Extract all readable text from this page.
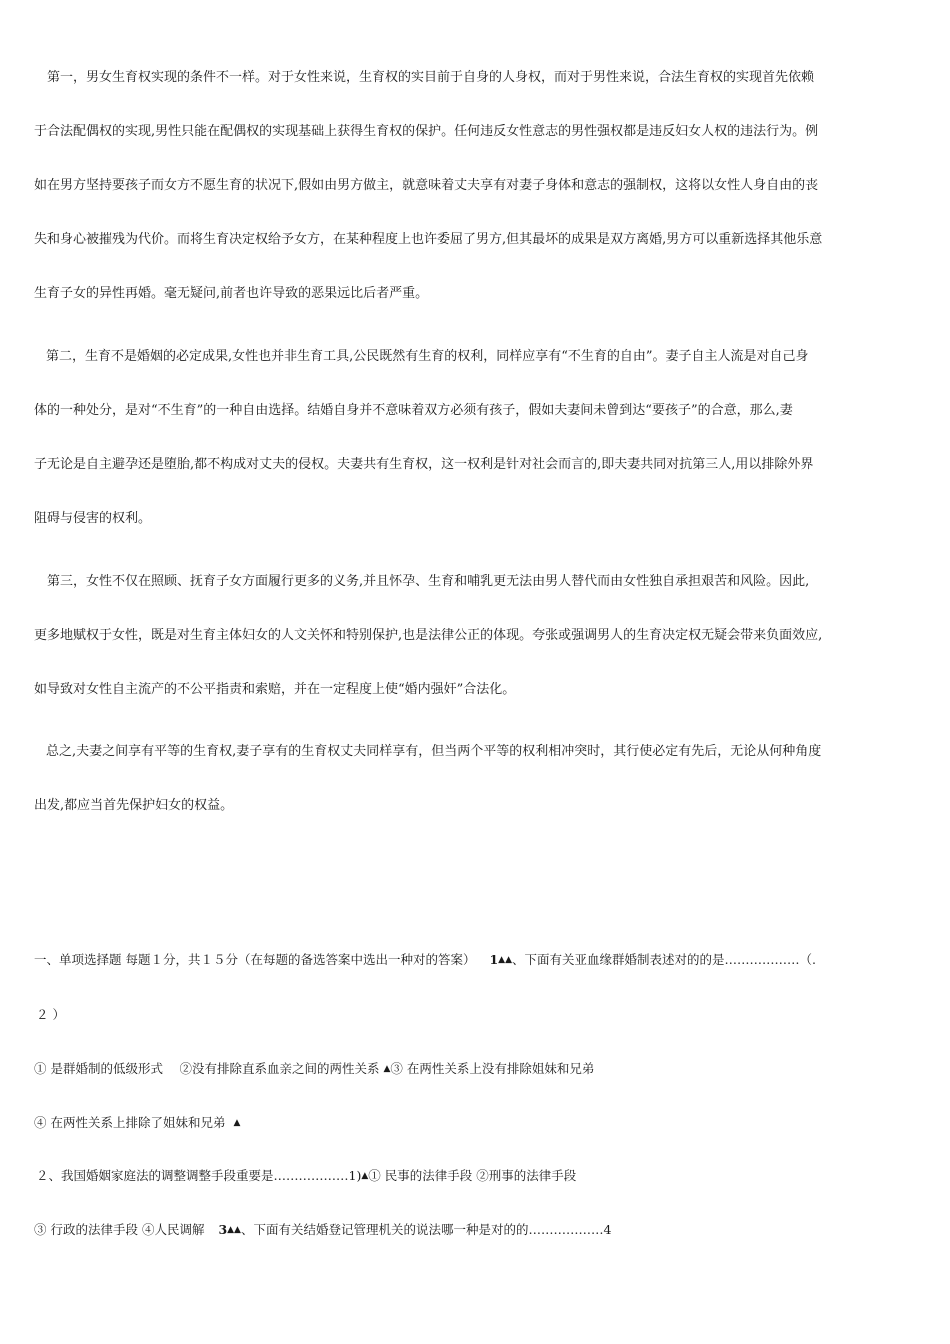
　第一，男女生育权实现的条件不一样。对于女性来说，生育权的实目前于自身的人身权，而对于男性来说，合法生育权的实现首先依赖
于合法配偶权的实现,男性只能在配偶权的实现基础上获得生育权的保护。任何违反女性意志的男性强权都是违反妇女人权的违法行为。例
如在男方坚持要孩子而女方不愿生育的状况下,假如由男方做主，就意味着丈夫享有对妻子身体和意志的强制权，这将以女性人身自由的丧
失和身心被摧残为代价。而将生育决定权给予女方，在某种程度上也许委屈了男方,但其最坏的成果是双方离婚,男方可以重新选择其他乐意
生育子女的异性再婚。毫无疑问,前者也许导致的恶果远比后者严重。
第二，生育不是婚姻的必定成果,女性也并非生育工具,公民既然有生育的权利，同样应享有“不生育的自由”。妻子自主人流是对自己身
体的一种处分，是对“不生育”的一种自由选择。结婚自身并不意味着双方必须有孩子，假如夫妻间未曾到达“要孩子”的合意，那么,妻
子无论是自主避孕还是堕胎,都不构成对丈夫的侵权。夫妻共有生育权，这一权利是针对社会而言的,即夫妻共同对抗第三人,用以排除外界
阻碍与侵害的权利。
　第三，女性不仅在照顾、抚育子女方面履行更多的义务,并且怀孕、生育和哺乳更无法由男人替代而由女性独自承担艰苦和风险。因此,
更多地赋权于女性，既是对生育主体妇女的人文关怀和特别保护,也是法律公正的体现。夸张或强调男人的生育决定权无疑会带来负面效应,
如导致对女性自主流产的不公平指责和索赔，并在一定程度上使“婚内强奸”合法化。
总之,夫妻之间享有平等的生育权,妻子享有的生育权丈夫同样享有，但当两个平等的权利相冲突时，其行使必定有先后，无论从何种角度
出发,都应当首先保护妇女的权益。
一、单项选择题 每题１分，共１５分（在每题的备选答案中选出一种对的答案） 1▲▲、下面有关亚血缘群婚制表述对的的是………………（.
２ ）
① 是群婚制的低级形式　 ②没有排除直系血亲之间的两性关系 ▲③ 在两性关系上没有排除姐妹和兄弟
④ 在两性关系上排除了姐妹和兄弟 ▲
２、我国婚姻家庭法的调整调整手段重要是………………1)▲① 民事的法律手段 ②刑事的法律手段
③ 行政的法律手段 ④人民调解 3▲▲、下面有关结婚登记管理机关的说法哪一种是对的的………………4
